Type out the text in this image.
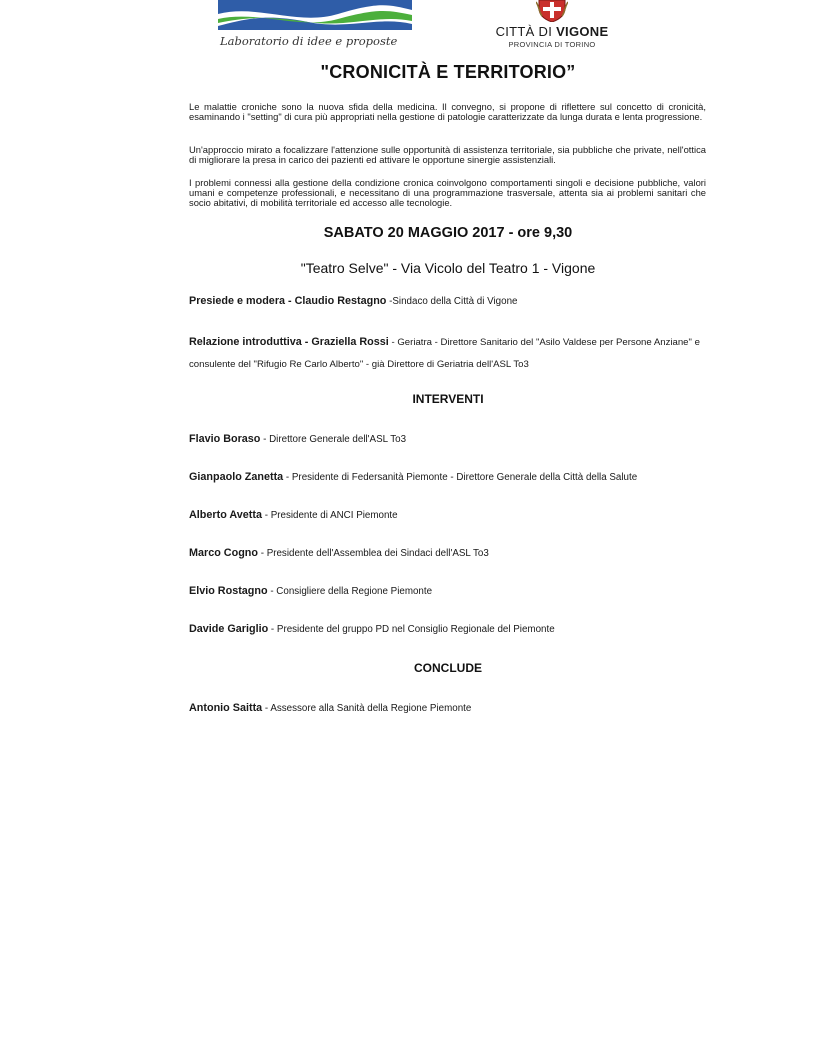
Laboratorio di idee e proposte
CITTÀ DI VIGONE
PROVINCIA DI TORINO
"CRONICITÀ E TERRITORIO”
Le malattie croniche sono la nuova sfida della medicina. Il convegno, si propone di riflettere sul concetto di cronicità, esaminando i "setting" di cura più appropriati nella gestione di patologie caratterizzate da lunga durata e lenta progressione.
Un'approccio mirato a focalizzare l'attenzione sulle opportunità di assistenza territoriale, sia pubbliche che private, nell'ottica di migliorare la presa in carico dei pazienti ed attivare le opportune sinergie assistenziali.
I problemi connessi alla gestione della condizione cronica coinvolgono comportamenti singoli e decisione pubbliche, valori umani e competenze professionali, e necessitano di una programmazione trasversale, attenta sia ai problemi sanitari che socio abitativi, di mobilità territoriale ed accesso alle tecnologie.
SABATO 20 MAGGIO 2017 - ore 9,30
"Teatro Selve" - Via Vicolo del Teatro 1 - Vigone
Presiede e modera - Claudio Restagno -Sindaco della Città di Vigone
Relazione introduttiva - Graziella Rossi - Geriatra - Direttore Sanitario del "Asilo Valdese per Persone Anziane" e consulente del "Rifugio Re Carlo Alberto" - già Direttore di Geriatria dell'ASL To3
INTERVENTI
Flavio Boraso - Direttore Generale dell'ASL To3
Gianpaolo Zanetta - Presidente di Federsanità Piemonte - Direttore Generale della Città della Salute
Alberto Avetta - Presidente di ANCI Piemonte
Marco Cogno - Presidente dell'Assemblea dei Sindaci dell'ASL To3
Elvio Rostagno - Consigliere della Regione Piemonte
Davide Gariglio - Presidente del gruppo PD nel Consiglio Regionale del Piemonte
CONCLUDE
Antonio Saitta - Assessore alla Sanità della Regione Piemonte
